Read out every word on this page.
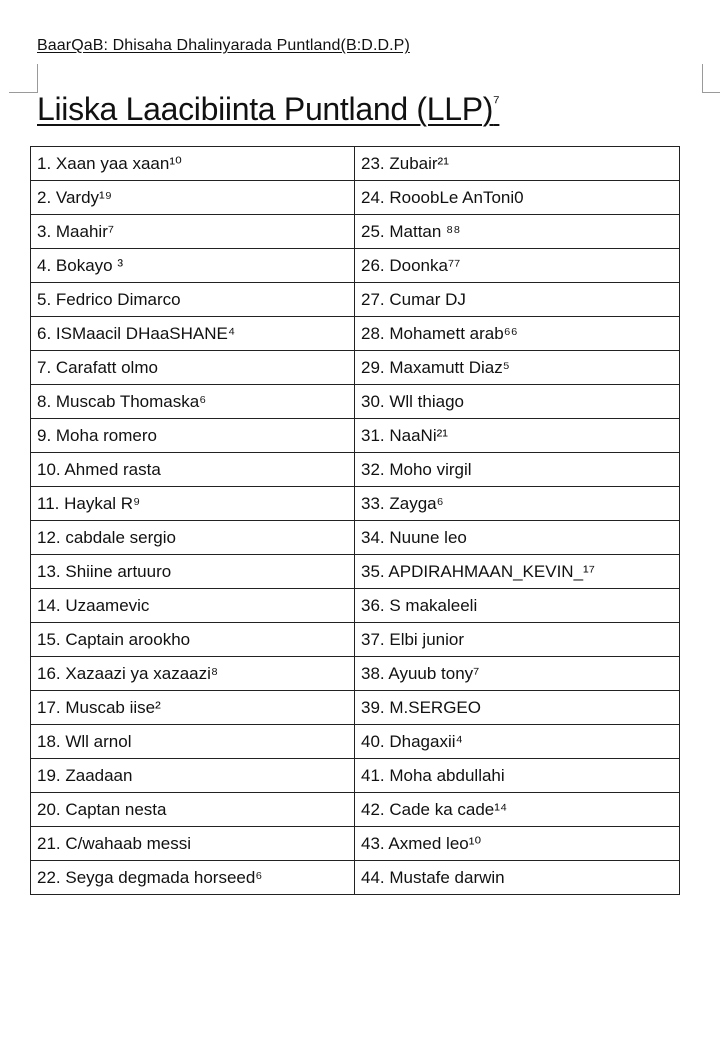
BaarQaB: Dhisaha Dhalinyarada Puntland(B:D.D.P)
Liiska Laacibiinta Puntland (LLP)$^{^7}$
1. Xaan yaa xaan¹⁰	23. Zubair²¹
2. Vardy¹⁹	24. RooobLe AnToni0
3. Maahir⁷	25. Mattan ⁸⁸
4. Bokayo ³	26. Doonka⁷⁷
5. Fedrico Dimarco	27. Cumar DJ
6. ISMaacil DHaaSHANE⁴	28. Mohamett arab⁶⁶
7. Carafatt olmo	29. Maxamutt Diaz⁵
8. Muscab Thomaska⁶	30. Wll thiago
9. Moha romero	31. NaaNi²¹
10. Ahmed rasta	32. Moho virgil
11. Haykal R⁹	33. Zayga⁶
12. cabdale sergio	34. Nuune leo
13. Shiine artuuro	35. APDIRAHMAAN_KEVIN_¹⁷
14. Uzaamevic	36. S makaleeli
15. Captain arookho	37. Elbi junior
16. Xazaazi ya xazaazi⁸	38. Ayuub tony⁷
17. Muscab iise²	39. M.SERGEO
18. Wll arnol	40. Dhagaxii⁴
19. Zaadaan	41. Moha abdullahi
20. Captan nesta	42. Cade ka cade¹⁴
21. C/wahaab messi	43. Axmed leo¹⁰
22. Seyga degmada horseed⁶	44. Mustafe darwin
